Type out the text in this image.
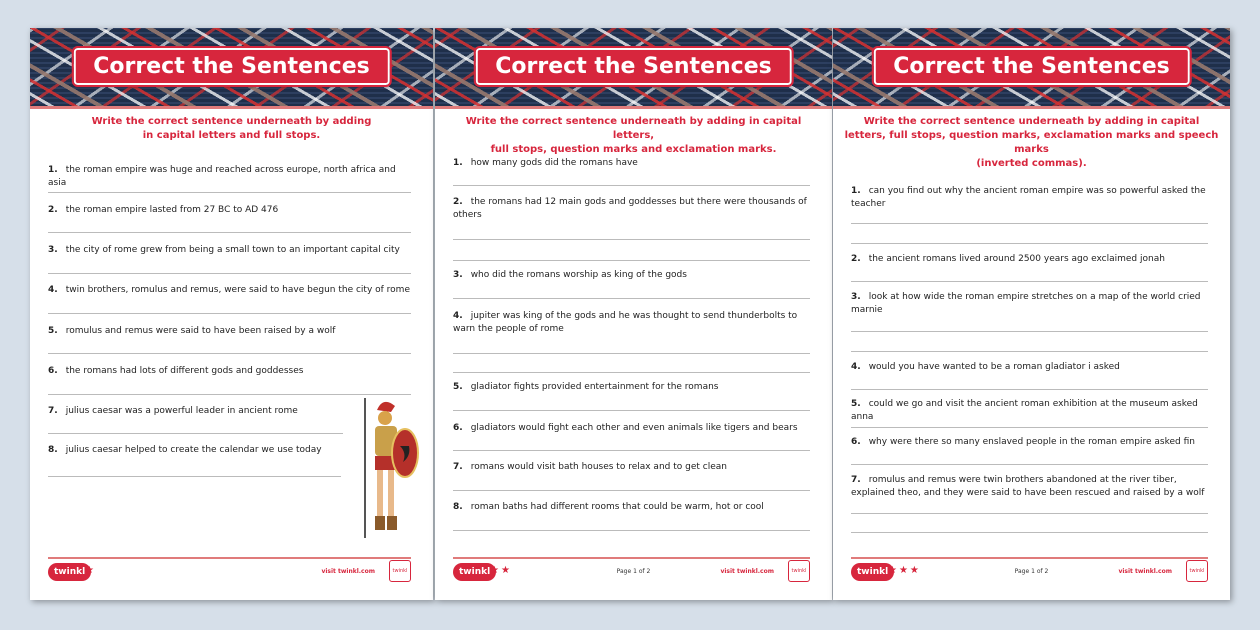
Correct the Sentences
Write the correct sentence underneath by adding
in capital letters and full stops.
1. the roman empire was huge and reached across europe, north africa and asia
2. the roman empire lasted from 27 BC to AD 476
3. the city of rome grew from being a small town to an important capital city
4. twin brothers, romulus and remus, were said to have begun the city of rome
5. romulus and remus were said to have been raised by a wolf
6. the romans had lots of different gods and goddesses
7. julius caesar was a powerful leader in ancient rome
8. julius caesar helped to create the calendar we use today
twinkl ★	visit twinkl.com	twinkl
Correct the Sentences
Write the correct sentence underneath by adding in capital letters,
full stops, question marks and exclamation marks.
1. how many gods did the romans have
2. the romans had 12 main gods and goddesses but there were thousands of others
3. who did the romans worship as king of the gods
4. jupiter was king of the gods and he was thought to send thunderbolts to warn the people of rome
5. gladiator fights provided entertainment for the romans
6. gladiators would fight each other and even animals like tigers and bears
7. romans would visit bath houses to relax and to get clean
8. roman baths had different rooms that could be warm, hot or cool
twinkl ★★	Page 1 of 2	visit twinkl.com	twinkl
Correct the Sentences
Write the correct sentence underneath by adding in capital
letters, full stops, question marks, exclamation marks and speech marks
(inverted commas).
1. can you find out why the ancient roman empire was so powerful asked the teacher
2. the ancient romans lived around 2500 years ago exclaimed jonah
3. look at how wide the roman empire stretches on a map of the world cried marnie
4. would you have wanted to be a roman gladiator i asked
5. could we go and visit the ancient roman exhibition at the museum asked anna
6. why were there so many enslaved people in the roman empire asked fin
7. romulus and remus were twin brothers abandoned at the river tiber, explained theo, and they were said to have been rescued and raised by a wolf
twinkl ★★★	Page 1 of 2	visit twinkl.com	twinkl
